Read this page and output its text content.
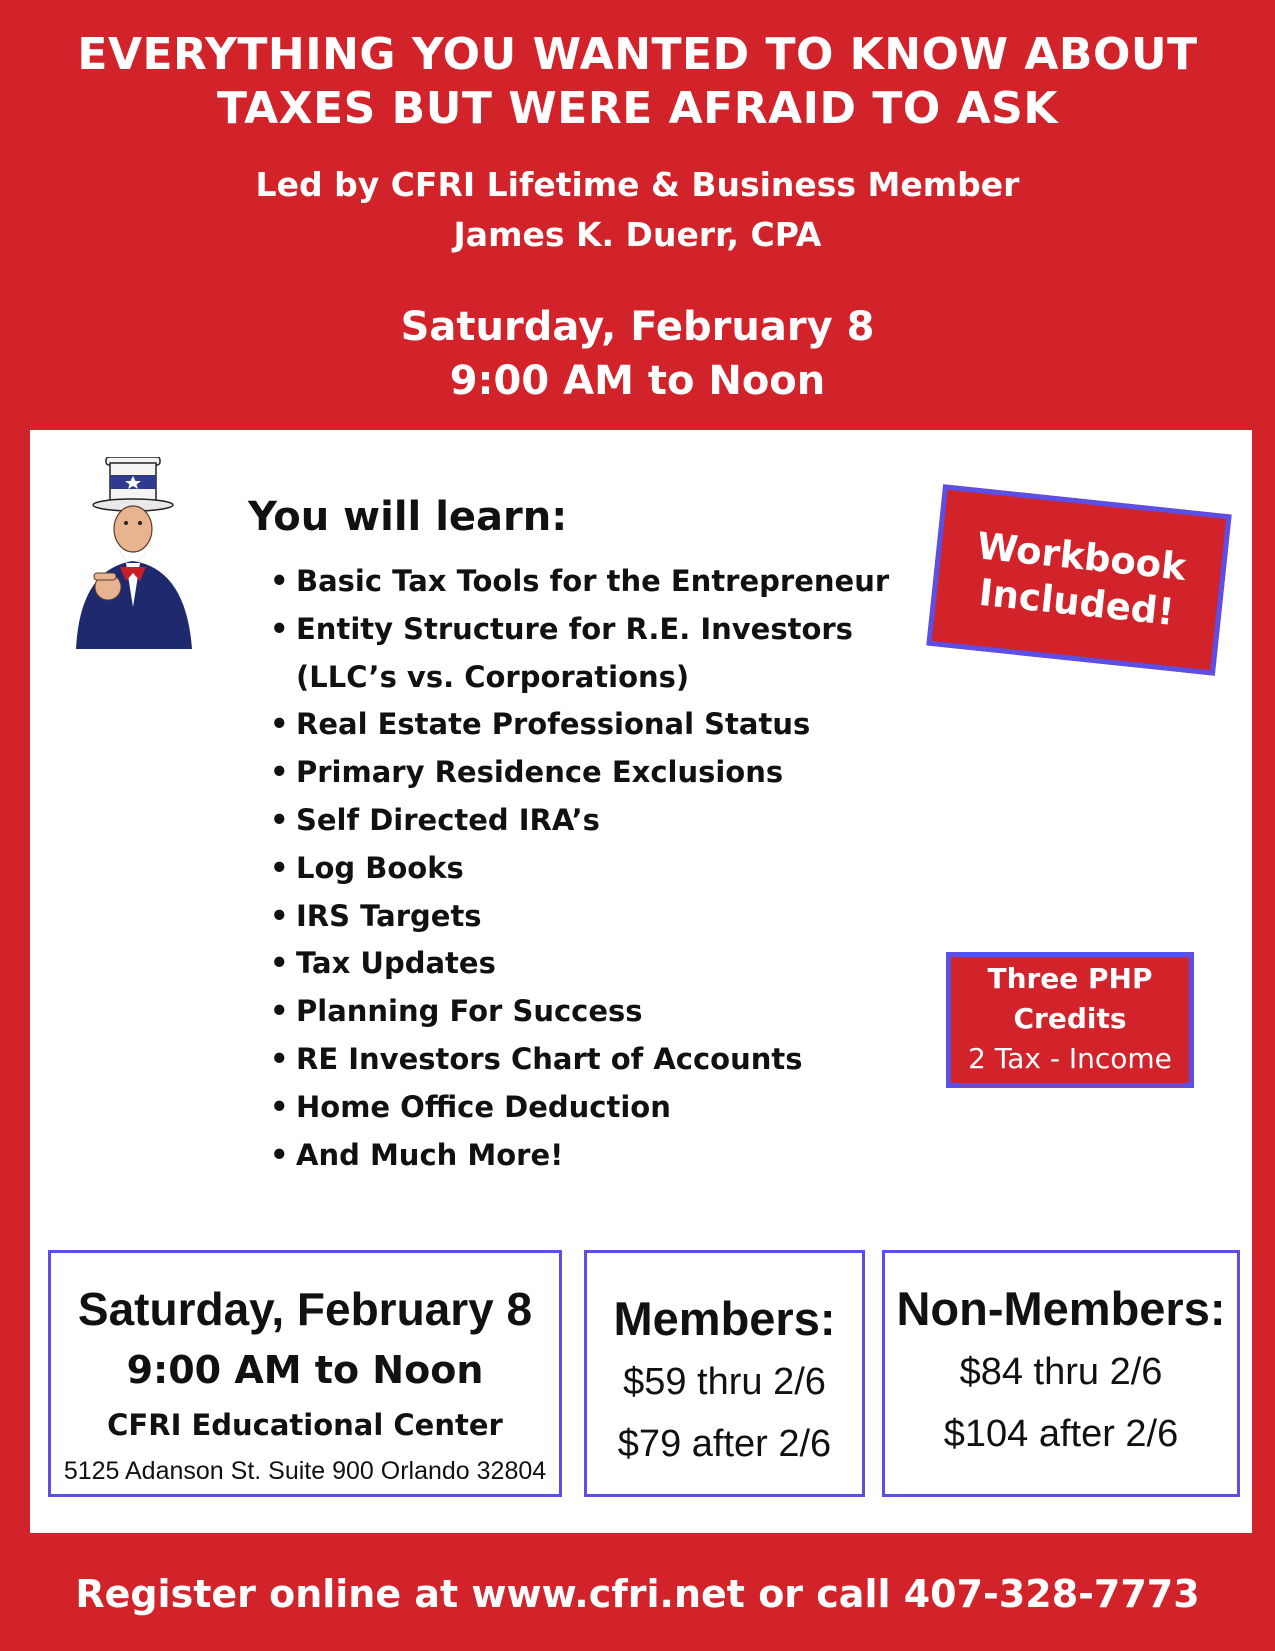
EVERYTHING YOU WANTED TO KNOW ABOUT
TAXES BUT WERE AFRAID TO ASK
Led by CFRI Lifetime & Business Member
James K. Duerr, CPA
Saturday, February 8
9:00 AM to Noon
You will learn:
• Basic Tax Tools for the Entrepreneur
• Entity Structure for R.E. Investors
(LLC’s vs. Corporations)
• Real Estate Professional Status
• Primary Residence Exclusions
• Self Directed IRA’s
• Log Books
• IRS Targets
• Tax Updates
• Planning For Success
• RE Investors Chart of Accounts
• Home Office Deduction
• And Much More!
Workbook
Included!
Three PHP
Credits
2 Tax - Income
1 Management
Saturday, February 8
9:00 AM to Noon
CFRI Educational Center
5125 Adanson St. Suite 900 Orlando 32804
Members:
$59 thru 2/6
$79 after 2/6
Non-Members:
$84 thru 2/6
$104 after 2/6
Register online at www.cfri.net or call 407-328-7773
